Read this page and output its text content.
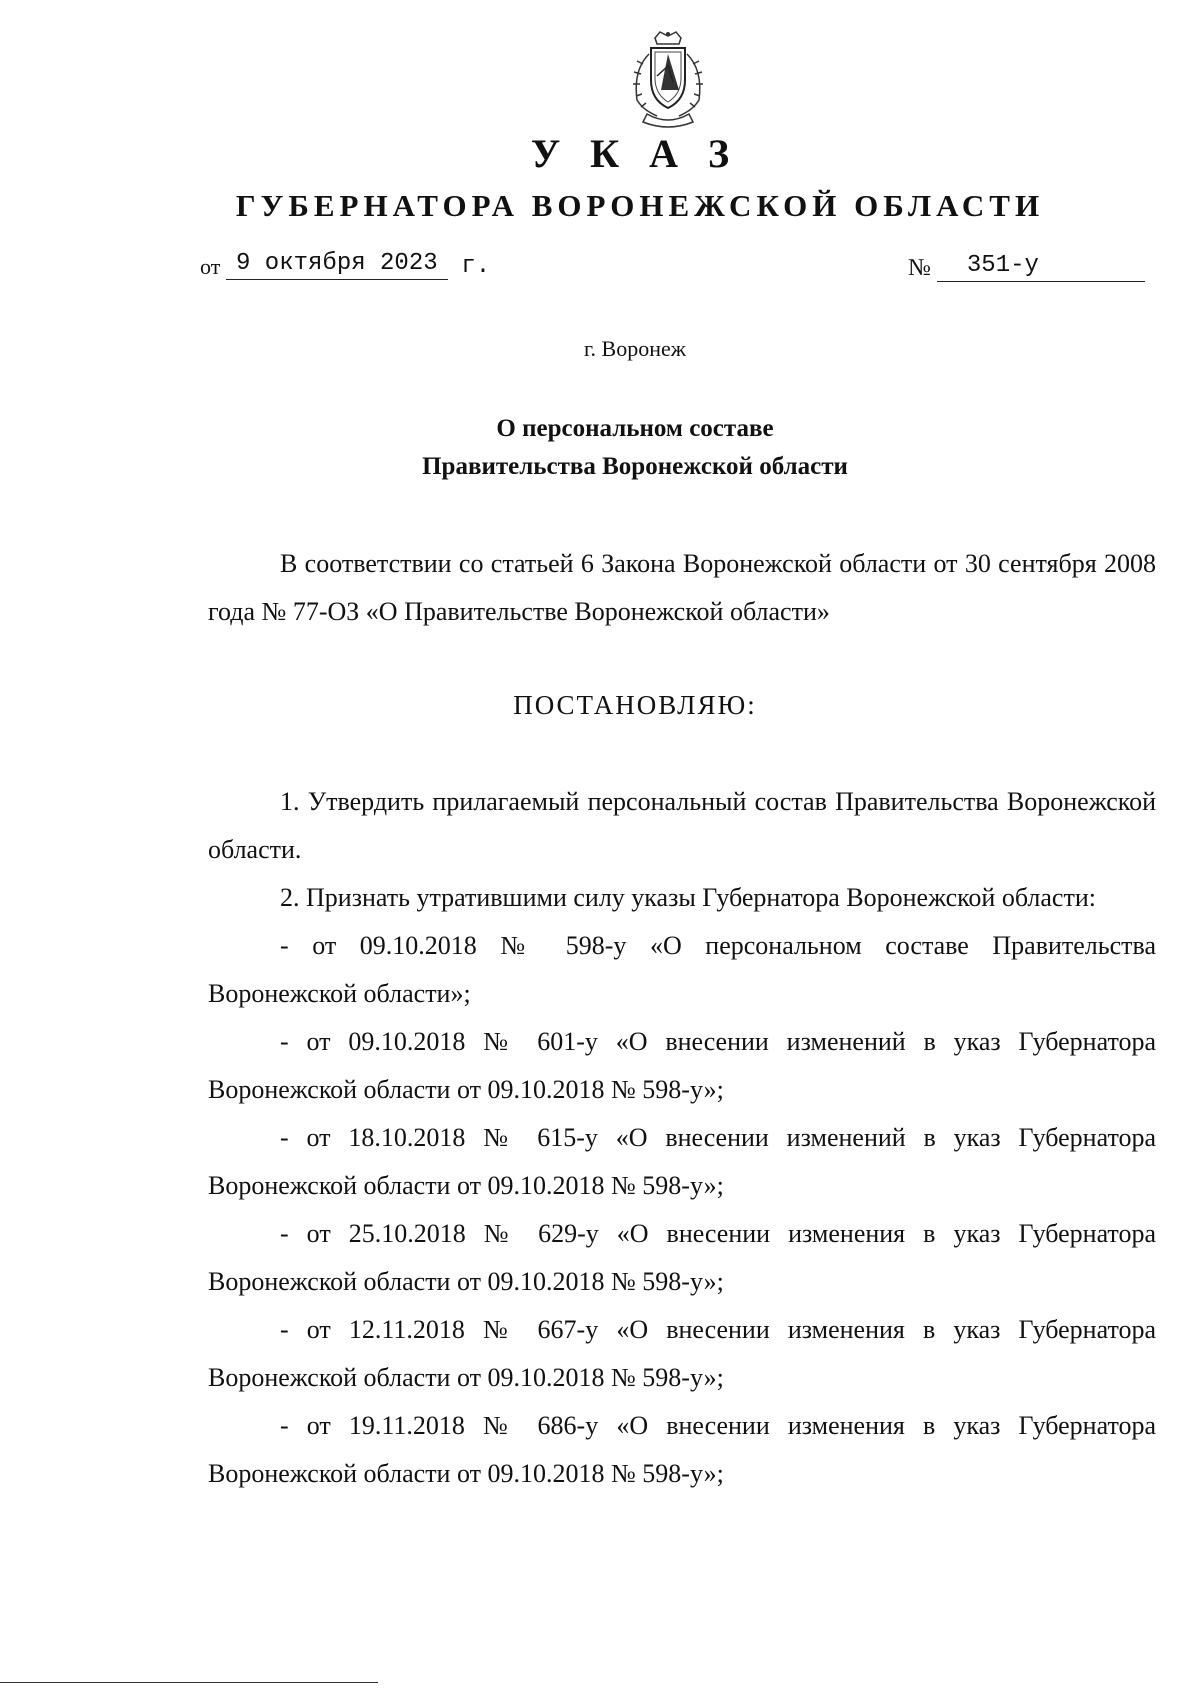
У К А З
ГУБЕРНАТОРА ВОРОНЕЖСКОЙ ОБЛАСТИ
от 9 октября 2023 г.	№ 351-у
г. Воронеж
О персональном составе
Правительства Воронежской области
В соответствии со статьей 6 Закона Воронежской области от 30 сентября 2008 года № 77-ОЗ «О Правительстве Воронежской области»
ПОСТАНОВЛЯЮ:

1. Утвердить прилагаемый персональный состав Правительства Воронежской области.

2. Признать утратившими силу указы Губернатора Воронежской области:

- от 09.10.2018 № 598-у «О персональном составе Правительства Воронежской области»;

- от 09.10.2018 № 601-у «О внесении изменений в указ Губернатора Воронежской области от 09.10.2018 № 598-у»;

- от 18.10.2018 № 615-у «О внесении изменений в указ Губернатора Воронежской области от 09.10.2018 № 598-у»;

- от 25.10.2018 № 629-у «О внесении изменения в указ Губернатора Воронежской области от 09.10.2018 № 598-у»;

- от 12.11.2018 № 667-у «О внесении изменения в указ Губернатора Воронежской области от 09.10.2018 № 598-у»;

- от 19.11.2018 № 686-у «О внесении изменения в указ Губернатора Воронежской области от 09.10.2018 № 598-у»;
